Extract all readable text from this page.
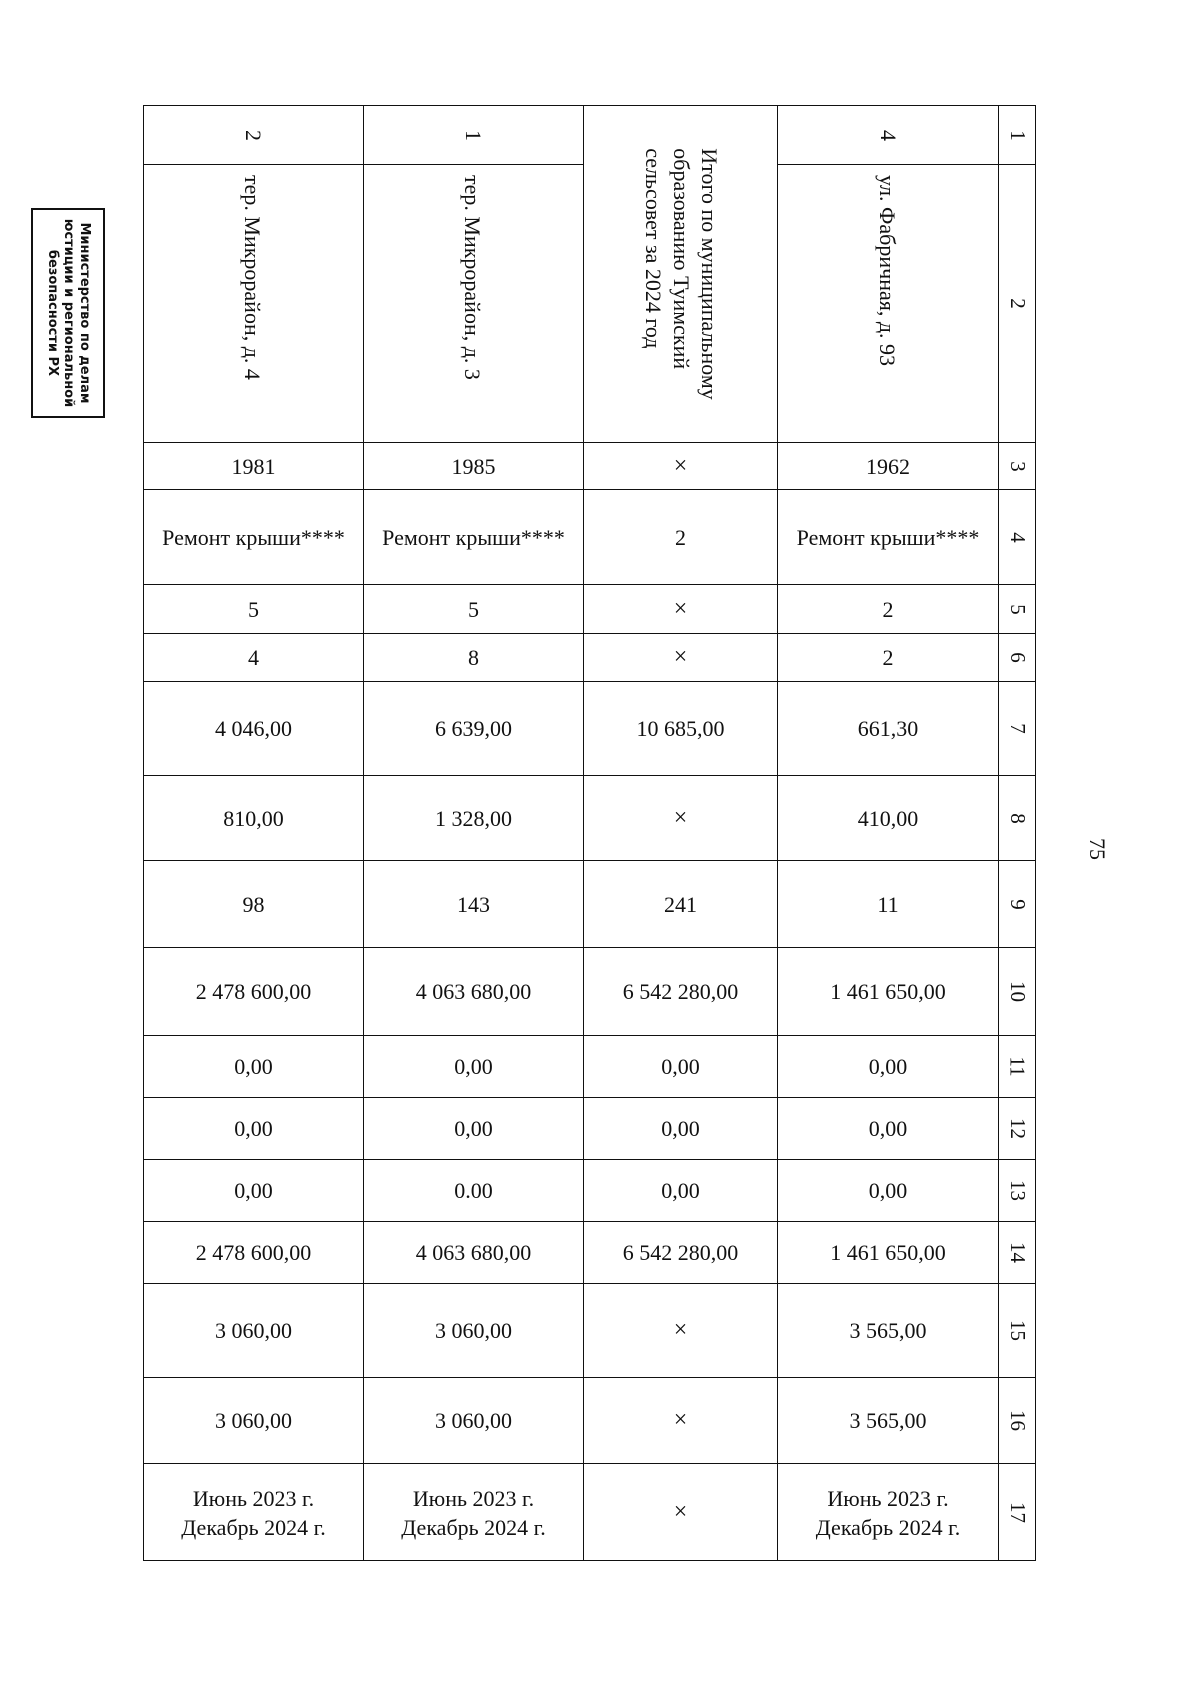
75
Министерство по делам
юстиции и региональной
безопасности РХ
2
тер. Микрорайон, д. 4
1981
Ремонт крыши****
5
4
4 046,00
810,00
98
2 478 600,00
0,00
0,00
0,00
2 478 600,00
3 060,00
3 060,00
Июнь 2023 г.
Декабрь 2024 г.
1
тер. Микрорайон, д. 3
1985
Ремонт крыши****
5
8
6 639,00
1 328,00
143
4 063 680,00
0,00
0,00
0.00
4 063 680,00
3 060,00
3 060,00
Июнь 2023 г.
Декабрь 2024 г.
Итого по муниципальному
образованию Туимский
сельсовет за 2024 год
×
2
×
×
10 685,00
×
241
6 542 280,00
0,00
0,00
0,00
6 542 280,00
×
×
×
4
ул. Фабричная, д. 93
1962
Ремонт крыши****
2
2
661,30
410,00
11
1 461 650,00
0,00
0,00
0,00
1 461 650,00
3 565,00
3 565,00
Июнь 2023 г.
Декабрь 2024 г.
1
2
3
4
5
6
7
8
9
10
11
12
13
14
15
16
17
